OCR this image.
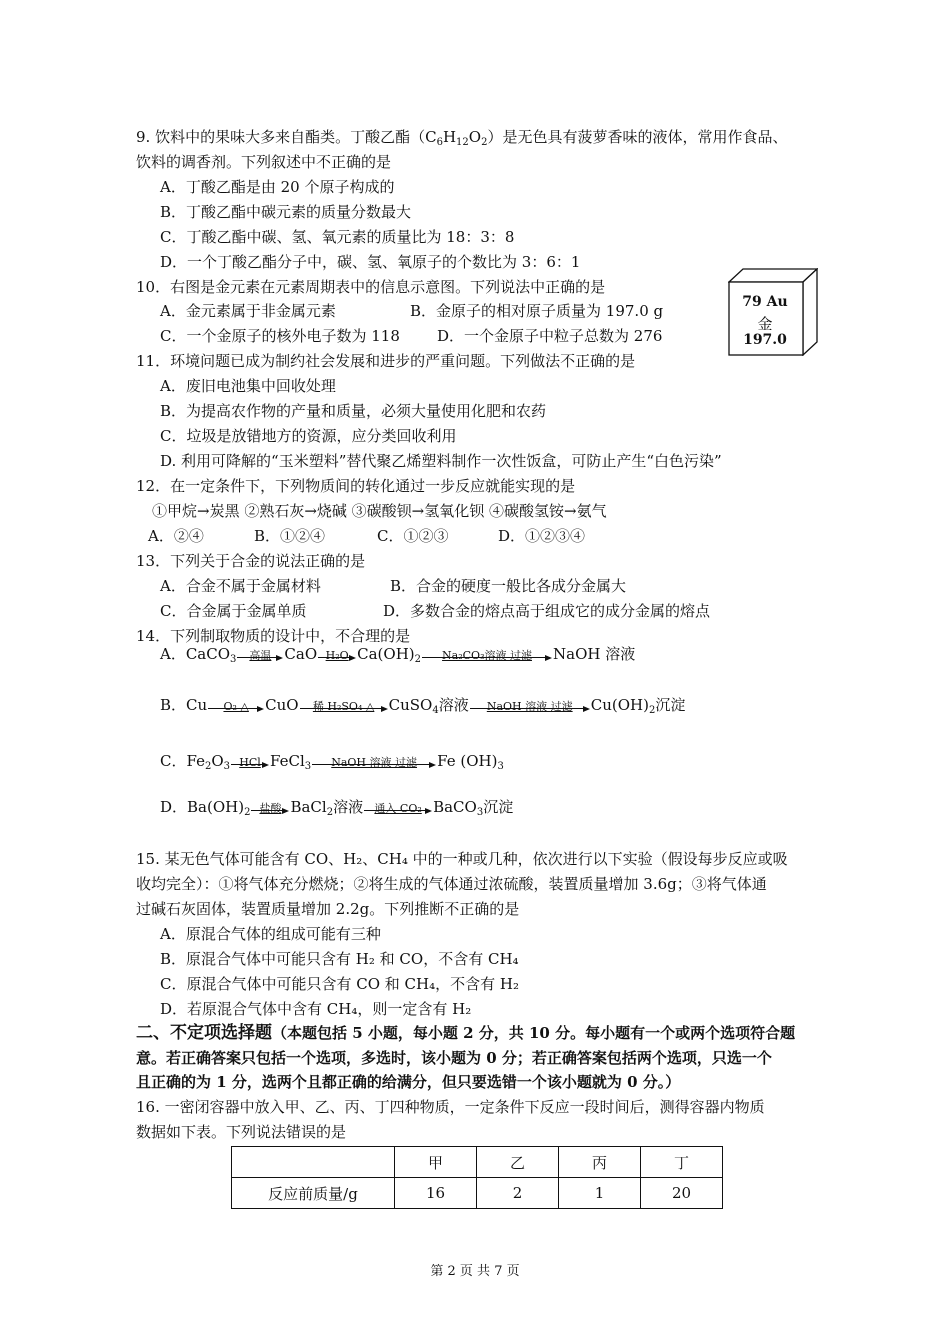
9. 饮料中的果味大多来自酯类。丁酸乙酯$(C_6H_{12}O_2)$是无色具有菠萝香味的液体，常用作食品、
饮料的调香剂。下列叙述中不正确的是
A．丁酸乙酯是由 20 个原子构成的
B．丁酸乙酯中碳元素的质量分数最大
C．丁酸乙酯中碳、氢、氧元素的质量比为 18：3：8
D．一个丁酸乙酯分子中，碳、氢、氧原子的个数比为 3：6：1
10．右图是金元素在元素周期表中的信息示意图。下列说法中正确的是
A．金元素属于非金属元素	B．金原子的相对原子质量为 197.0 g
C．一个金原子的核外电子数为 118 D．一个金原子中粒子总数为 276
79 Au
金
197.0
11．环境问题已成为制约社会发展和进步的严重问题。下列做法不正确的是
A．废旧电池集中回收处理
B．为提高农作物的产量和质量，必须大量使用化肥和农药
C．垃圾是放错地方的资源，应分类回收利用
D. 利用可降解的“玉米塑料”替代聚乙烯塑料制作一次性饭盒，可防止产生“白色污染”
12．在一定条件下，下列物质间的转化通过一步反应就能实现的是
①甲烷→炭黑 ②熟石灰→烧碱 ③碳酸钡→氢氧化钡 ④碳酸氢铵→氨气
A．②④	B．①②④	C．①②③	D．①②③④
13．下列关于合金的说法正确的是
A．合金不属于金属材料	B．合金的硬度一般比各成分金属大
C．合金属于金属单质	D．多数合金的熔点高于组成它的成分金属的熔点
14．下列制取物质的设计中，不合理的是
A．CaCO$_3$	高温 CaO H₂O $Ca(OH)_2$	Na₂CO₃溶液 过滤	NaOH 溶液
B．Cu	O₂ △	CuO	稀 H₂SO₄ △ CuSO$_4$溶液	NaOH 溶液 过滤	$Cu(OH)_2$沉淀
C．$Fe_2O_3$ HCl FeCl$_3$	NaOH 溶液 过滤	Fe $(OH)_3$
D．$Ba(OH)_2$ 盐酸 BaCl$_2$溶液	通入 CO₂ BaCO$_3$沉淀
15. 某无色气体可能含有 CO、H₂、CH₄ 中的一种或几种，依次进行以下实验（假设每步反应或吸
收均完全）：①将气体充分燃烧；②将生成的气体通过浓硫酸，装置质量增加 3.6g；③将气体通
过碱石灰固体，装置质量增加 2.2g。下列推断不正确的是
A．原混合气体的组成可能有三种
B．原混合气体中可能只含有 H₂ 和 CO，不含有 CH₄
C．原混合气体中可能只含有 CO 和 CH₄，不含有 H₂
D．若原混合气体中含有 CH₄，则一定含有 H₂
二、不定项选择题（本题包括 5 小题，每小题 2 分，共 10 分。每小题有一个或两个选项符合题
意。若正确答案只包括一个选项，多选时，该小题为 0 分；若正确答案包括两个选项，只选一个
且正确的为 1 分，选两个且都正确的给满分，但只要选错一个该小题就为 0 分。）
16. 一密闭容器中放入甲、乙、丙、丁四种物质，一定条件下反应一段时间后，测得容器内物质
数据如下表。下列说法错误的是
	甲	乙	丙	丁
反应前质量/g	16	2	1	20
第 2 页 共 7 页
